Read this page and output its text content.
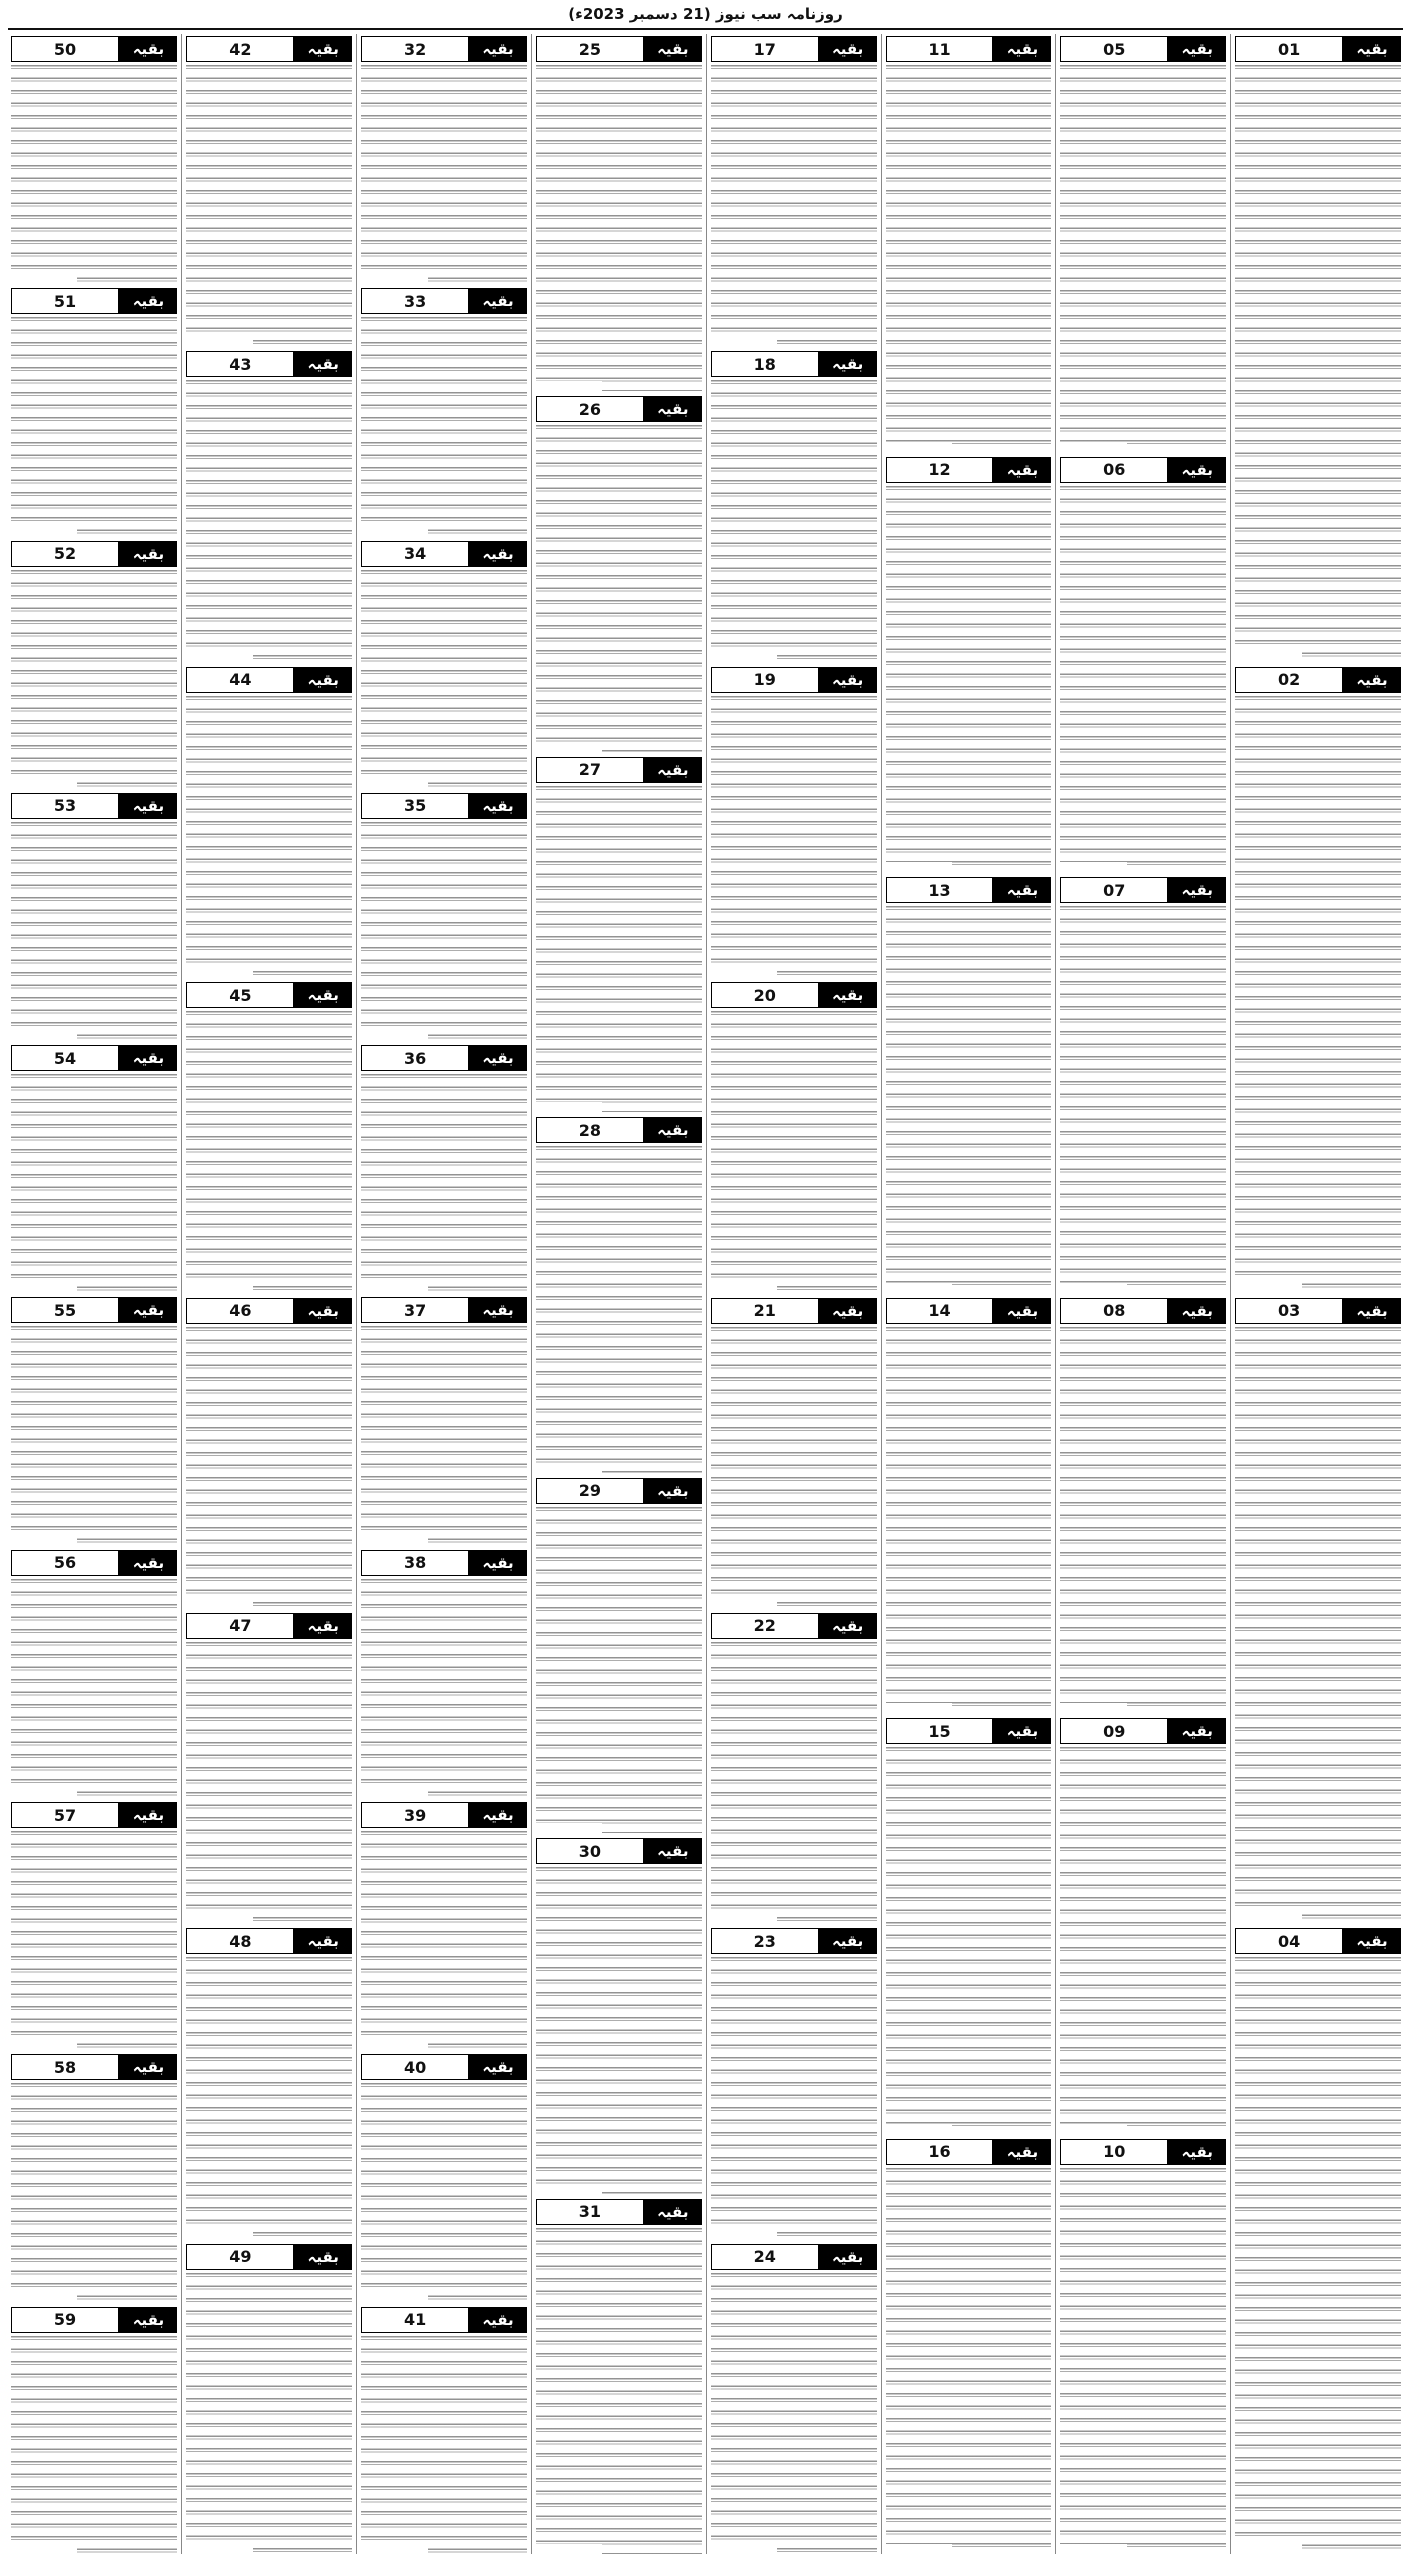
روزنامہ سب نیوز (21 دسمبر 2023ء)
بقیہ
01
بقیہ
02
بقیہ
03
بقیہ
04
بقیہ
05
بقیہ
06
بقیہ
07
بقیہ
08
بقیہ
09
بقیہ
10
بقیہ
11
بقیہ
12
بقیہ
13
بقیہ
14
بقیہ
15
بقیہ
16
بقیہ
17
بقیہ
18
بقیہ
19
بقیہ
20
بقیہ
21
بقیہ
22
بقیہ
23
بقیہ
24
بقیہ
25
بقیہ
26
بقیہ
27
بقیہ
28
بقیہ
29
بقیہ
30
بقیہ
31
بقیہ
32
بقیہ
33
بقیہ
34
بقیہ
35
بقیہ
36
بقیہ
37
بقیہ
38
بقیہ
39
بقیہ
40
بقیہ
41
بقیہ
42
بقیہ
43
بقیہ
44
بقیہ
45
بقیہ
46
بقیہ
47
بقیہ
48
بقیہ
49
بقیہ
50
بقیہ
51
بقیہ
52
بقیہ
53
بقیہ
54
بقیہ
55
بقیہ
56
بقیہ
57
بقیہ
58
بقیہ
59
